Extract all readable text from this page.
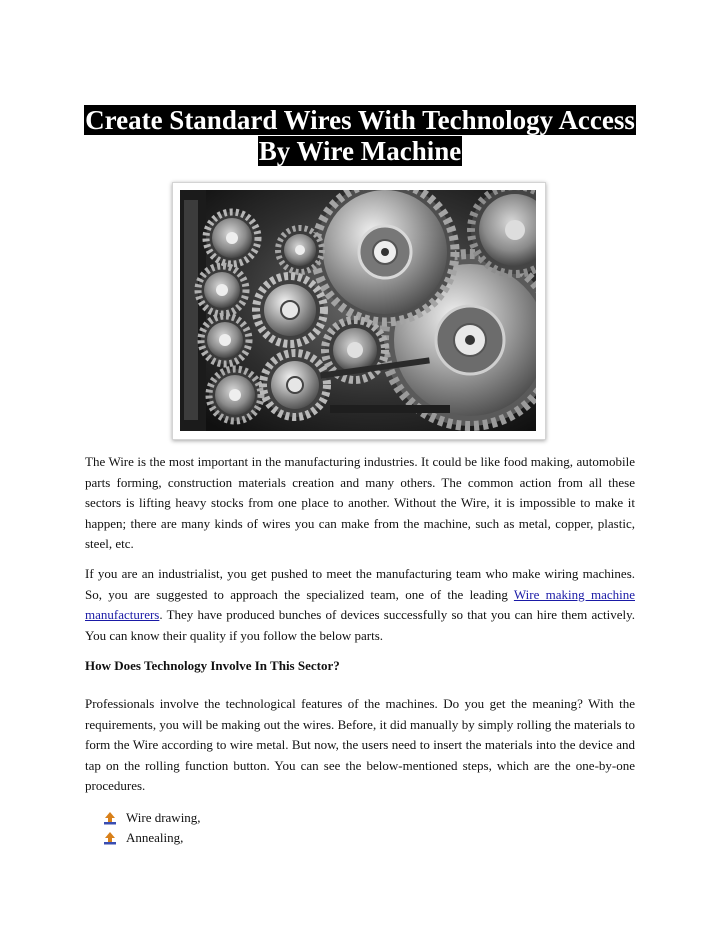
Create Standard Wires With Technology Access
By Wire Machine

The Wire is the most important in the manufacturing industries. It could be like food making, automobile parts forming, construction materials creation and many others. The common action from all these sectors is lifting heavy stocks from one place to another. Without the Wire, it is impossible to make it happen; there are many kinds of wires you can make from the machine, such as metal, copper, plastic, steel, etc.

If you are an industrialist, you get pushed to meet the manufacturing team who make wiring machines. So, you are suggested to approach the specialized team, one of the leading Wire making machine manufacturers. They have produced bunches of devices successfully so that you can hire them actively. You can know their quality if you follow the below parts.

How Does Technology Involve In This Sector?

Professionals involve the technological features of the machines. Do you get the meaning? With the requirements, you will be making out the wires. Before, it did manually by simply rolling the materials to form the Wire according to wire metal. But now, the users need to insert the materials into the device and tap on the rolling function button. You can see the below-mentioned steps, which are the one-by-one procedures.

Wire drawing,
Annealing,
